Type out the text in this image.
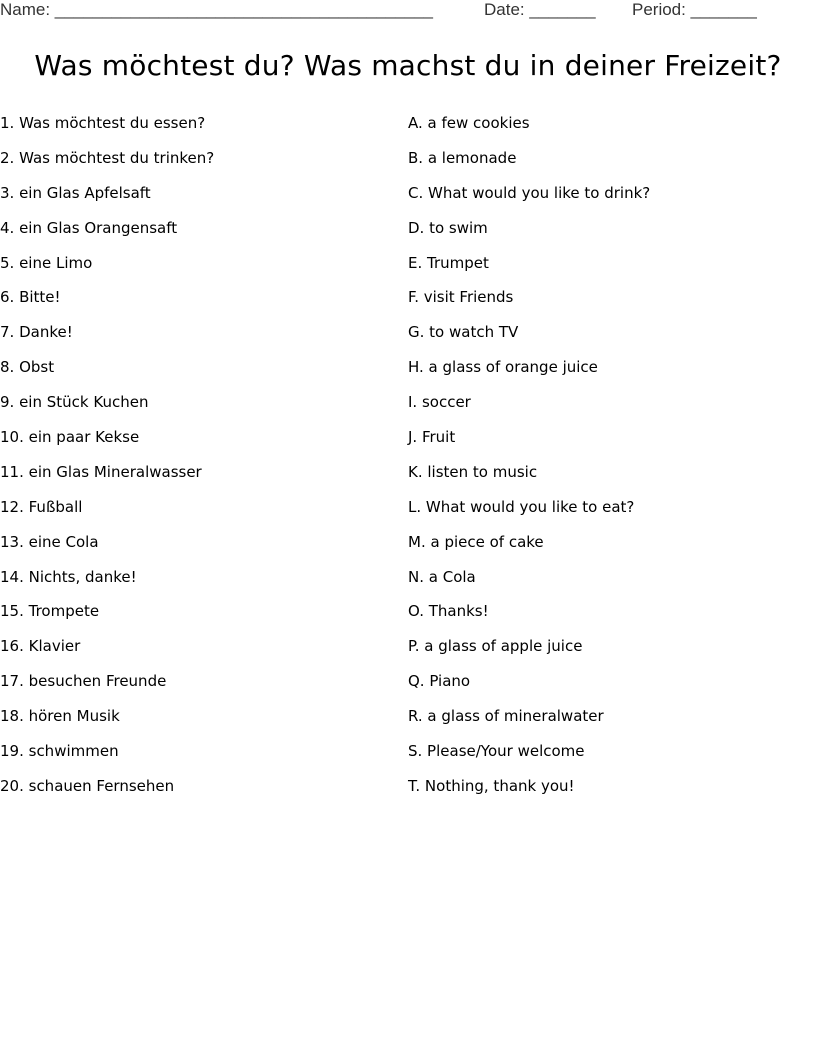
Name: ________________________________________	Date: _______ Period: _______
Was möchtest du? Was machst du in deiner Freizeit?
1. Was möchtest du essen?
2. Was möchtest du trinken?
3. ein Glas Apfelsaft
4. ein Glas Orangensaft
5. eine Limo
6. Bitte!
7. Danke!
8. Obst
9. ein Stück Kuchen
10. ein paar Kekse
11. ein Glas Mineralwasser
12. Fußball
13. eine Cola
14. Nichts, danke!
15. Trompete
16. Klavier
17. besuchen Freunde
18. hören Musik
19. schwimmen
20. schauen Fernsehen
A. a few cookies
B. a lemonade
C. What would you like to drink?
D. to swim
E. Trumpet
F. visit Friends
G. to watch TV
H. a glass of orange juice
I. soccer
J. Fruit
K. listen to music
L. What would you like to eat?
M. a piece of cake
N. a Cola
O. Thanks!
P. a glass of apple juice
Q. Piano
R. a glass of mineralwater
S. Please/Your welcome
T. Nothing, thank you!
